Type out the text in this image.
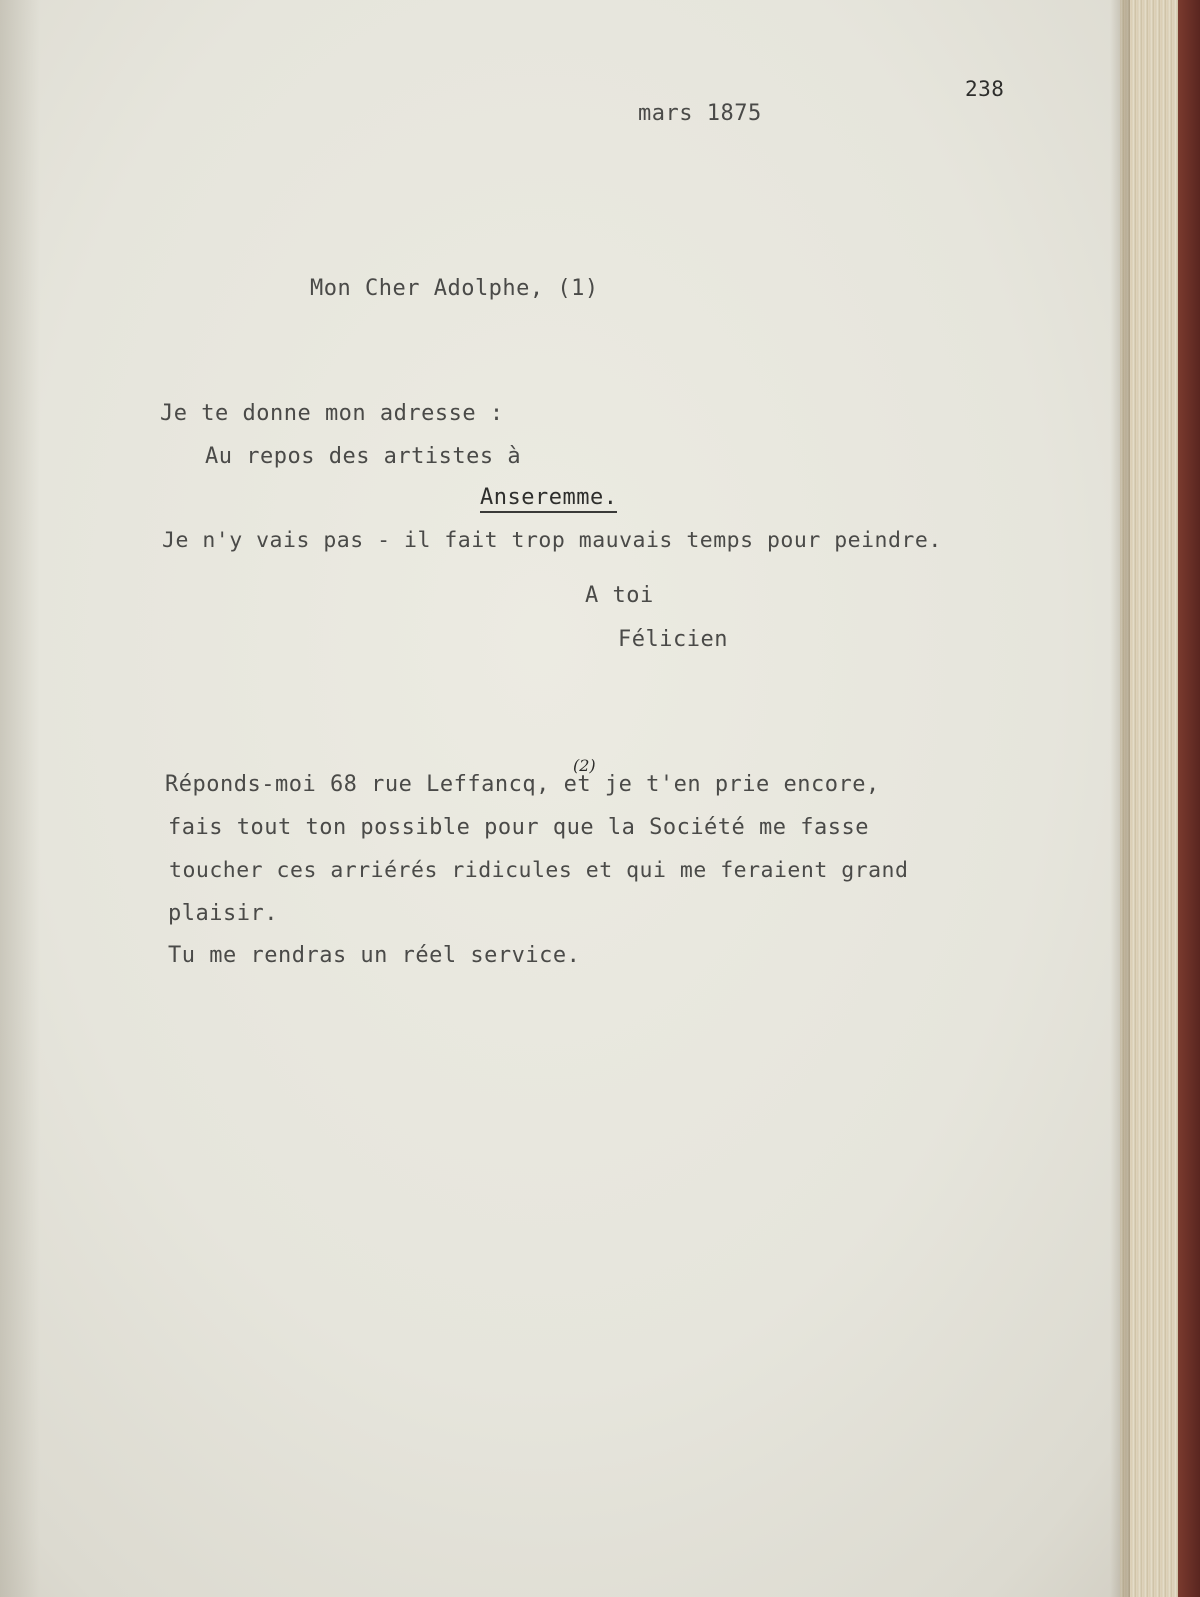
238
mars 1875
Mon Cher Adolphe, (1)
Je te donne mon adresse :
Au repos des artistes à
Anseremme.
Je n'y vais pas - il fait trop mauvais temps pour peindre.
A toi
Félicien
Réponds-moi 68 rue Leffancq, et je t'en prie encore,
(2)
fais tout ton possible pour que la Société me fasse
toucher ces arriérés ridicules et qui me feraient grand
plaisir.
Tu me rendras un réel service.
